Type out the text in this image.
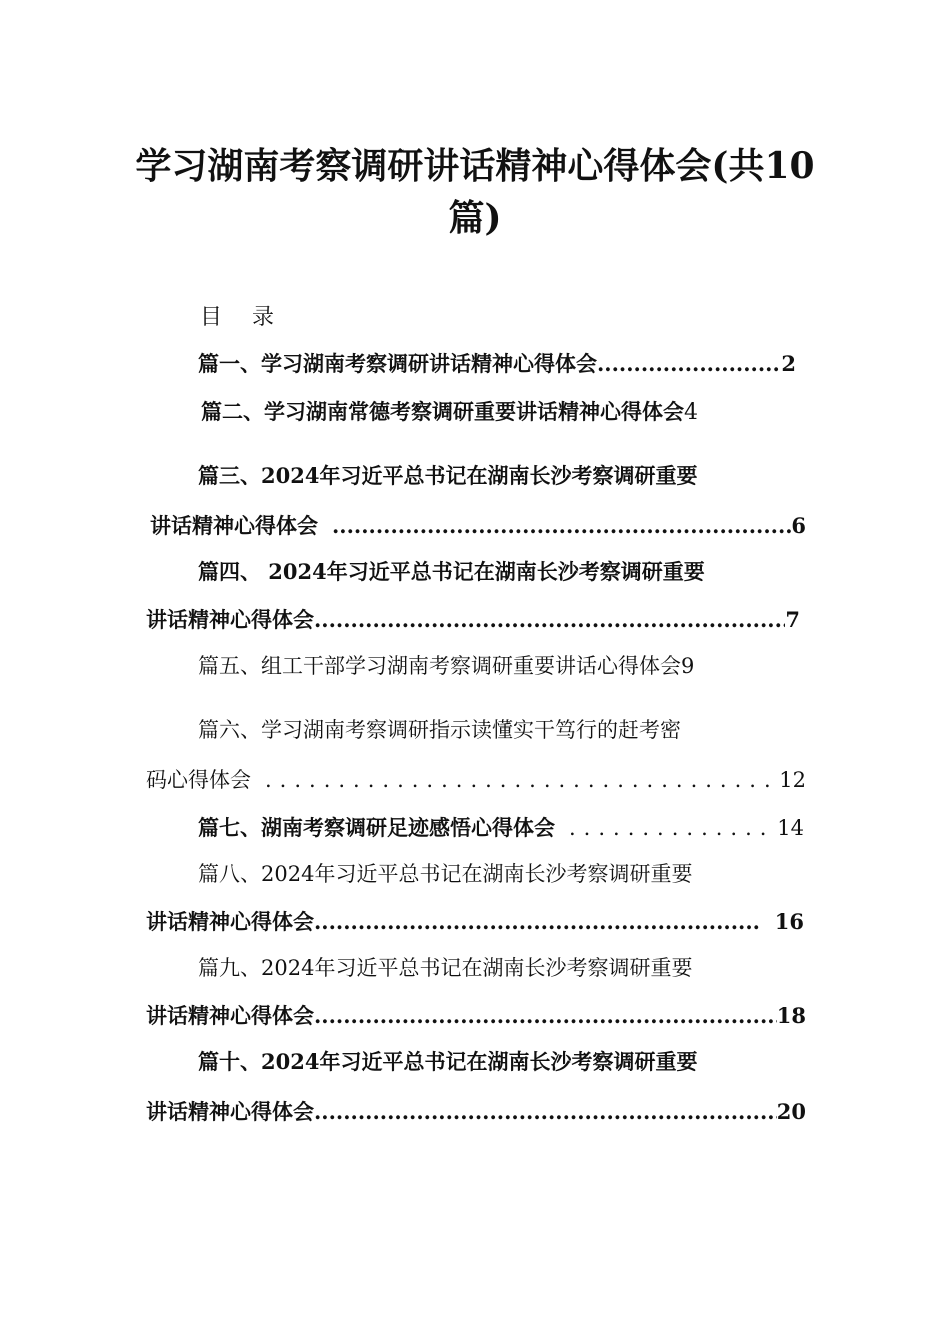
学习湖南考察调研讲话精神心得体会(共10篇)
目录
篇一、学习湖南考察调研讲话精神心得体会 .....	2
篇二、学习湖南常德考察调研重要讲话精神心得体会 4
篇三、2024年习近平总书记在湖南长沙考察调研重要
讲话精神心得体会 .....	6
篇四、 2024年习近平总书记在湖南长沙考察调研重要
讲话精神心得体会 .....	7
篇五、组工干部学习湖南考察调研重要讲话心得体会 9
篇六、学习湖南考察调研指示读懂实干笃行的赶考密
码心得体会 .....	12
篇七、湖南考察调研足迹感悟心得体会 .....	14
篇八、2024年习近平总书记在湖南长沙考察调研重要
讲话精神心得体会 .....	16
篇九、2024年习近平总书记在湖南长沙考察调研重要
讲话精神心得体会 .....	18
篇十、2024年习近平总书记在湖南长沙考察调研重要
讲话精神心得体会 .....	20
